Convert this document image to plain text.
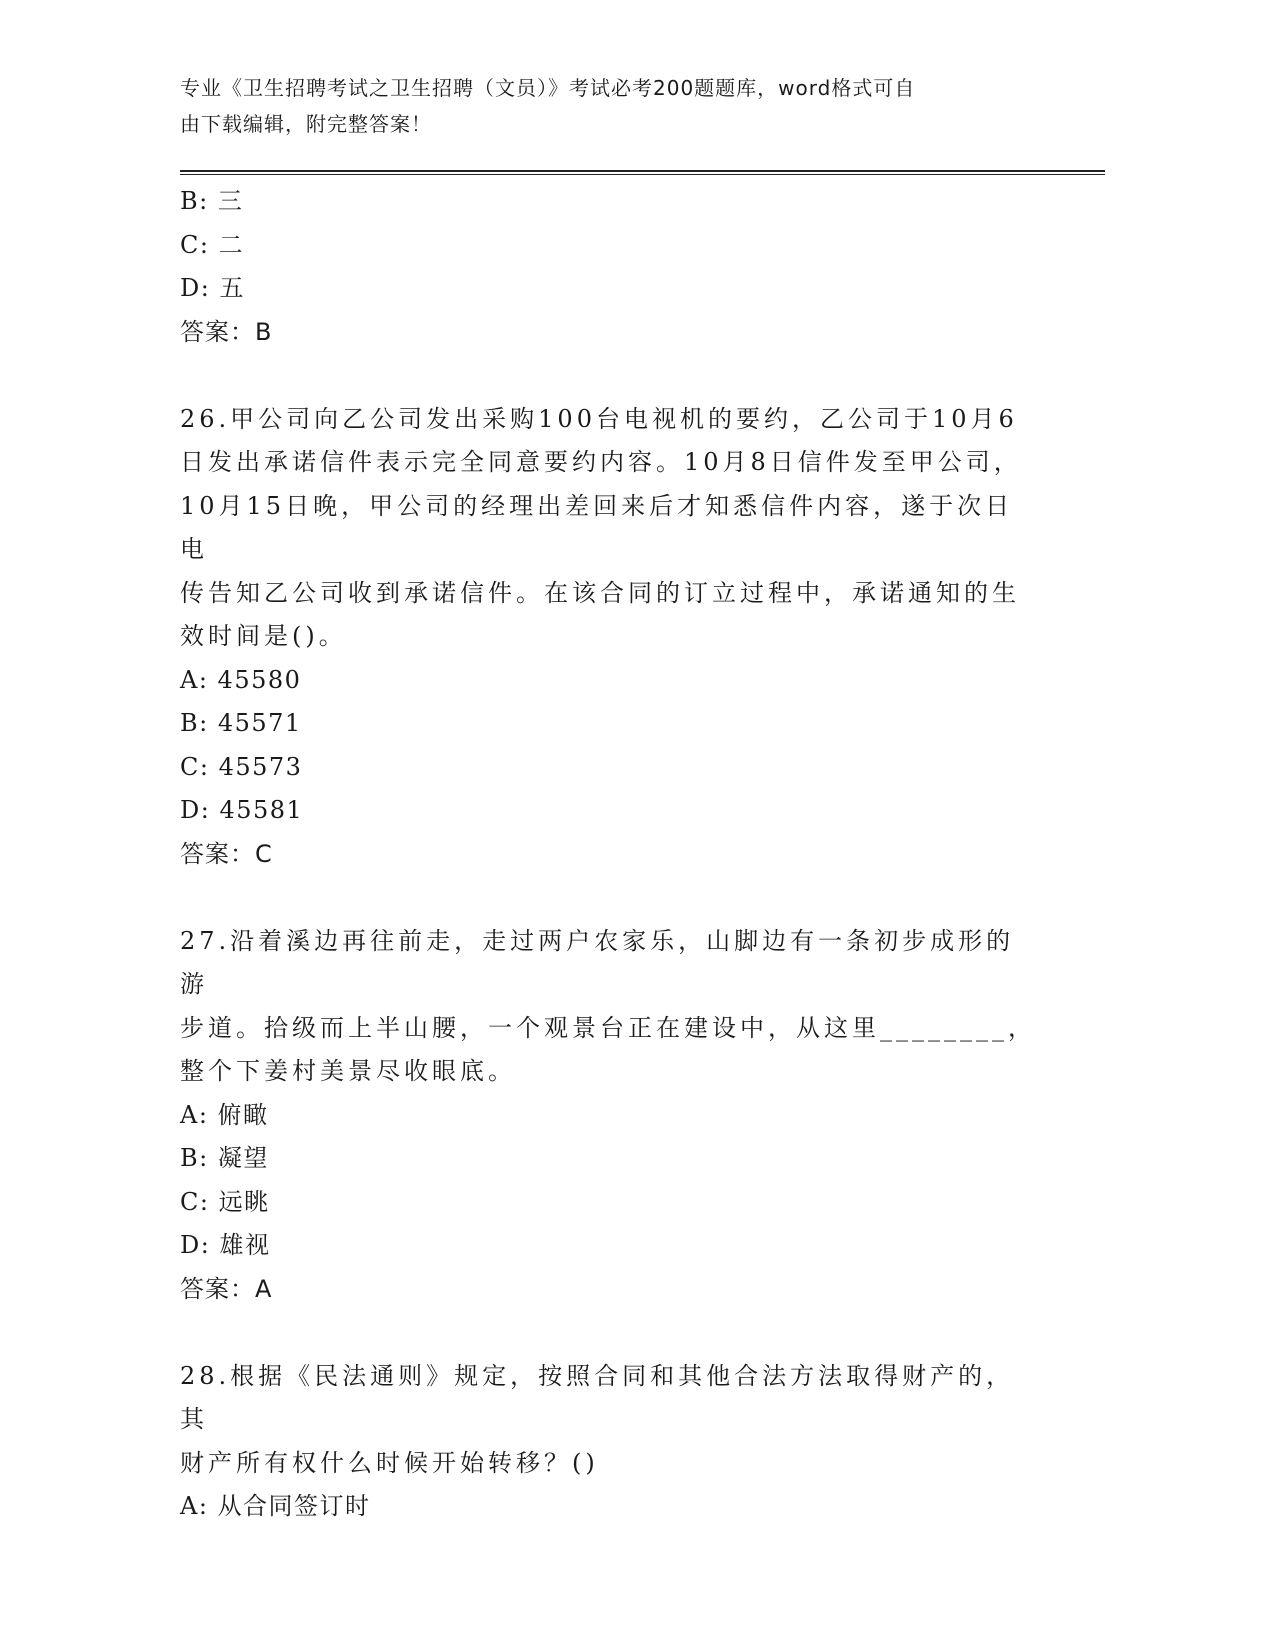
专业《卫生招聘考试之卫生招聘（文员）》考试必考200题题库，word格式可自
由下载编辑，附完整答案！
B: 三
C: 二
D: 五
答案：B
26.甲公司向乙公司发出采购100台电视机的要约，乙公司于10月6
日发出承诺信件表示完全同意要约内容。10月8日信件发至甲公司，
10月15日晚，甲公司的经理出差回来后才知悉信件内容，遂于次日电
传告知乙公司收到承诺信件。在该合同的订立过程中，承诺通知的生
效时间是()。
A: 45580
B: 45571
C: 45573
D: 45581
答案：C
27.沿着溪边再往前走，走过两户农家乐，山脚边有一条初步成形的游
步道。拾级而上半山腰，一个观景台正在建设中，从这里________，
整个下姜村美景尽收眼底。
A: 俯瞰
B: 凝望
C: 远眺
D: 雄视
答案：A
28.根据《民法通则》规定，按照合同和其他合法方法取得财产的，其
财产所有权什么时候开始转移？()
A: 从合同签订时
